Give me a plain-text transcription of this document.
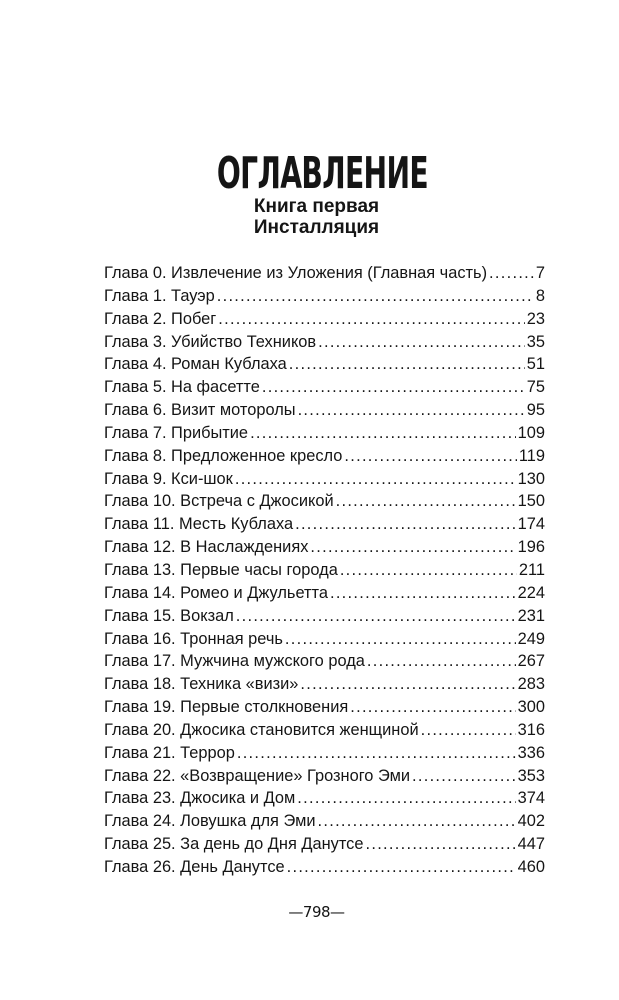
ОГЛАВЛЕНИЕ
Книга первая
Инсталляция
Глава 0. Извлечение из Уложения (Главная часть) .....	7
Глава 1. Тауэр .....	8
Глава 2. Побег .....	23
Глава 3. Убийство Техников .....	35
Глава 4. Роман Кублаха .....	51
Глава 5. На фасетте .....	75
Глава 6. Визит моторолы .....	95
Глава 7. Прибытие .....	109
Глава 8. Предложенное кресло .....	119
Глава 9. Кси-шок .....	130
Глава 10. Встреча с Джосикой .....	150
Глава 11. Месть Кублаха .....	174
Глава 12. В Наслаждениях .....	196
Глава 13. Первые часы города .....	211
Глава 14. Ромео и Джульетта .....	224
Глава 15. Вокзал .....	231
Глава 16. Тронная речь .....	249
Глава 17. Мужчина мужского рода .....	267
Глава 18. Техника «визи» .....	283
Глава 19. Первые столкновения .....	300
Глава 20. Джосика становится женщиной .....	316
Глава 21. Террор .....	336
Глава 22. «Возвращение» Грозного Эми .....	353
Глава 23. Джосика и Дом .....	374
Глава 24. Ловушка для Эми .....	402
Глава 25. За день до Дня Данутсе .....	447
Глава 26. День Данутсе .....	460
—798—
